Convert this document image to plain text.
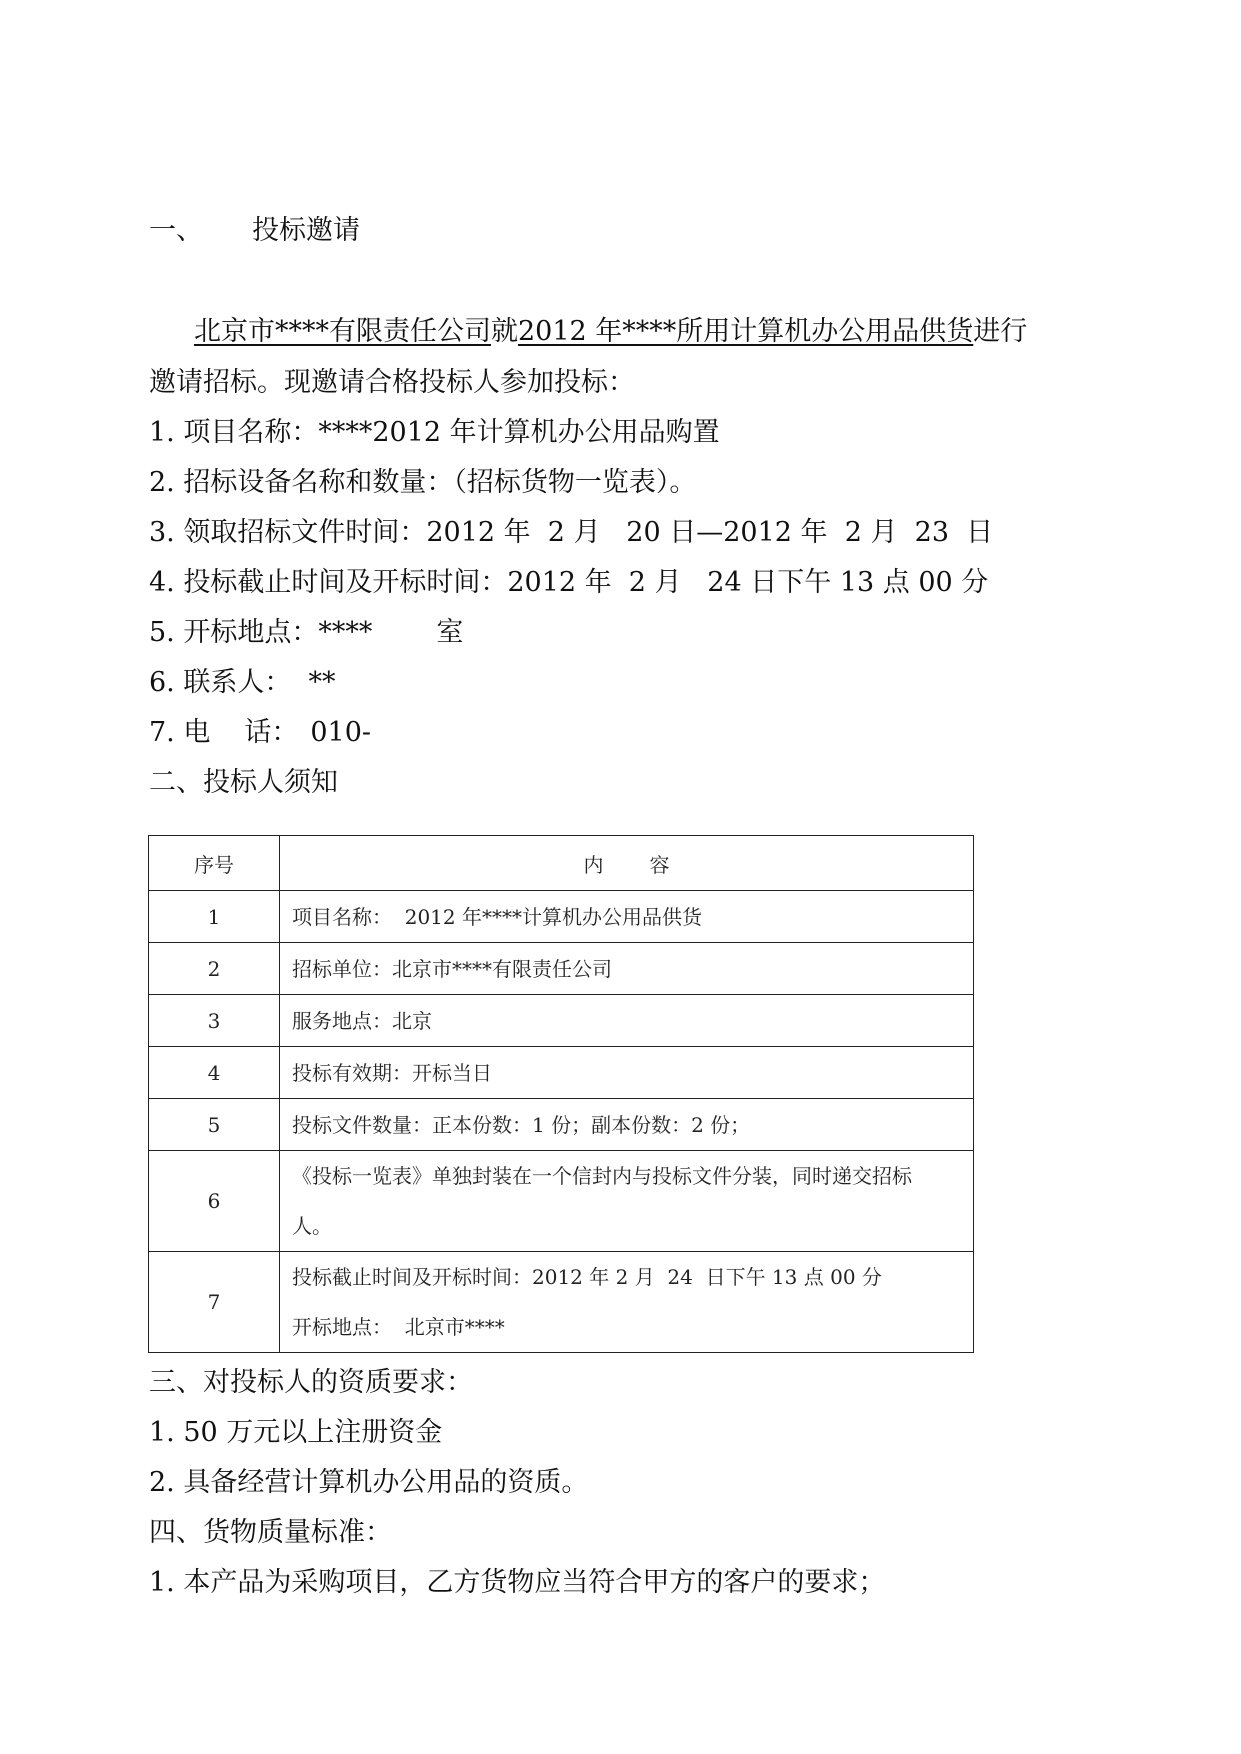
一、 投标邀请
北京市****有限责任公司就2012 年****所用计算机办公用品供货进行
邀请招标。现邀请合格投标人参加投标：
1. 项目名称：****2012 年计算机办公用品购置
2. 招标设备名称和数量：（招标货物一览表）。
3. 领取招标文件时间：2012 年  2 月   20 日—2012 年  2 月  23  日
4. 投标截止时间及开标时间：2012 年  2 月   24 日下午 13 点 00 分
5. 开标地点：**** 室
6. 联系人：  **
7. 电 话： 010-
二、投标人须知
序号	内 容
1	项目名称：  2012 年****计算机办公用品供货
2	招标单位：北京市****有限责任公司
3	服务地点：北京
4	投标有效期：开标当日
5	投标文件数量：正本份数：1 份；副本份数：2 份；
6	《投标一览表》单独封装在一个信封内与投标文件分装，同时递交招标
人。

7	投标截止时间及开标时间：2012 年 2 月  24  日下午 13 点 00 分
开标地点：  北京市****
三、对投标人的资质要求：
1. 50 万元以上注册资金
2. 具备经营计算机办公用品的资质。
四、货物质量标准：
1. 本产品为采购项目，乙方货物应当符合甲方的客户的要求；
